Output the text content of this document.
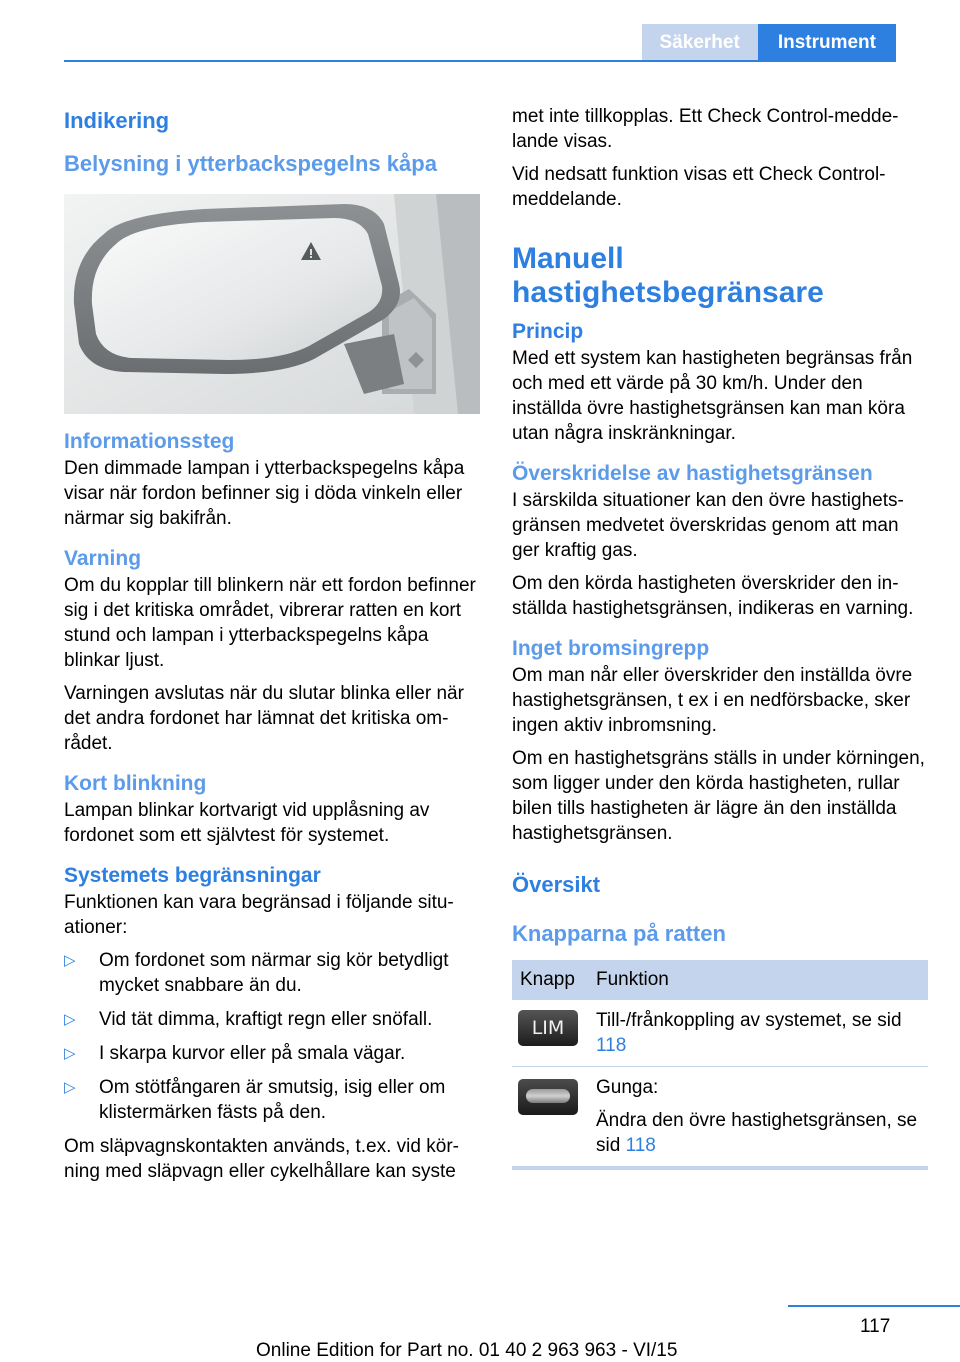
Säkerhet	Instrument
Indikering
Belysning i ytterbackspegelns kåpa
Informationssteg

Den dimmade lampan i ytterbackspegelns kåpa visar när fordon befinner sig i döda vinkeln eller närmar sig bakifrån.

Varning

Om du kopplar till blinkern när ett fordon befinner sig i det kritiska området, vibrerar ratten en kort stund och lampan i ytterbackspegelns kåpa blinkar ljust.

Varningen avslutas när du slutar blinka eller när det andra fordonet har lämnat det kritiska området.

Kort blinkning

Lampan blinkar kortvarigt vid upplåsning av fordonet som ett självtest för systemet.

Systemets begränsningar

Funktionen kan vara begränsad i följande situationer:

▷ Om fordonet som närmar sig kör betydligt mycket snabbare än du.
▷ Vid tät dimma, kraftigt regn eller snöfall.
▷ I skarpa kurvor eller på smala vägar.
▷ Om stötfångaren är smutsig, isig eller om klistermärken fästs på den.

Om släpvagnskontakten används, t.ex. vid körning med släpvagn eller cykelhållare kan syste

met inte tillkopplas. Ett Check Control-meddelande visas.

Vid nedsatt funktion visas ett Check Control-meddelande.

Manuell hastighetsbegränsare
Princip

Med ett system kan hastigheten begränsas från och med ett värde på 30 km/h. Under den inställda övre hastighetsgränsen kan man köra utan några inskränkningar.

Överskridelse av hastighetsgränsen

I särskilda situationer kan den övre hastighetsgränsen medvetet överskridas genom att man ger kraftig gas.

Om den körda hastigheten överskrider den inställda hastighetsgränsen, indikeras en varning.

Inget bromsingrepp

Om man når eller överskrider den inställda övre hastighetsgränsen, t ex i en nedförsbacke, sker ingen aktiv inbromsning.

Om en hastighetsgräns ställs in under körningen, som ligger under den körda hastigheten, rullar bilen tills hastigheten är lägre än den inställda hastighetsgränsen.

Översikt
Knapparna på ratten
Knapp	Funktion

LIM	Till-/frånkoppling av systemet, se sid 118

	Gunga:

Ändra den övre hastighetsgränsen, se sid 118
117
Online Edition for Part no. 01 40 2 963 963 - VI/15
